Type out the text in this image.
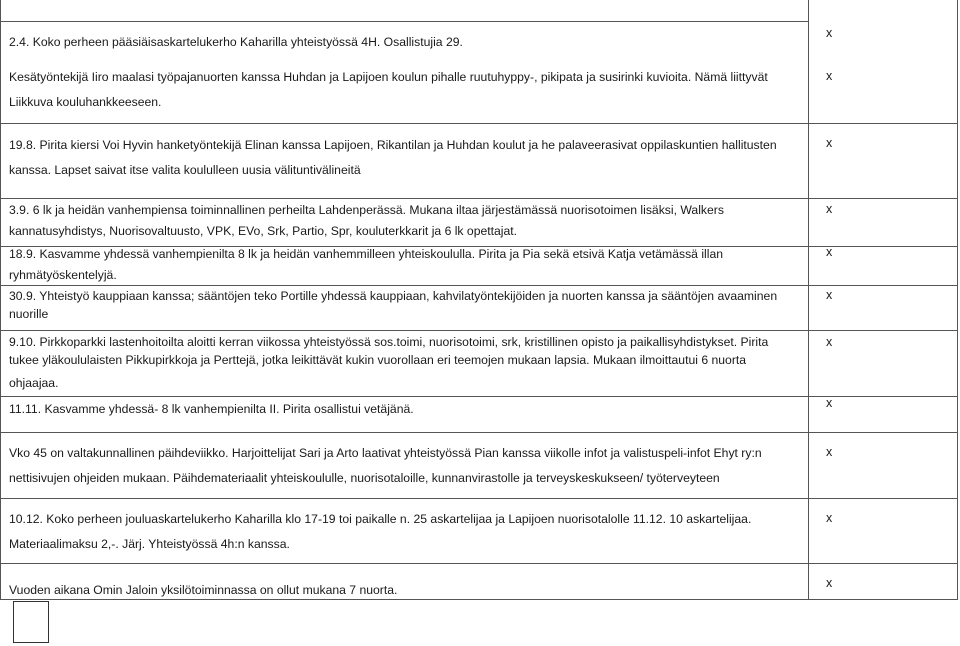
2.4. Koko perheen pääsiäisaskartelukerho Kaharilla yhteistyössä 4H. Osallistujia 29.

x

Kesätyöntekijä Iiro maalasi työpajanuorten kanssa Huhdan ja Lapijoen koulun pihalle ruutuhyppy-, pikipata ja susirinki kuvioita. Nämä liittyvät

Liikkuva kouluhankkeeseen.

x

19.8. Pirita kiersi Voi Hyvin hanketyöntekijä Elinan kanssa Lapijoen, Rikantilan ja Huhdan koulut ja he palaveerasivat oppilaskuntien hallitusten

kanssa. Lapset saivat itse valita koululleen uusia välituntivälineitä

x

3.9. 6 lk ja heidän vanhempiensa toiminnallinen perheilta Lahdenperässä. Mukana iltaa järjestämässä nuorisotoimen lisäksi, Walkers

kannatusyhdistys, Nuorisovaltuusto, VPK, EVo, Srk, Partio, Spr, kouluterkkarit ja 6 lk opettajat.

x

18.9. Kasvamme yhdessä vanhempienilta 8 lk ja heidän vanhemmilleen yhteiskoululla. Pirita ja Pia sekä etsivä Katja vetämässä illan

ryhmätyöskentelyjä.

x

30.9. Yhteistyö kauppiaan kanssa; sääntöjen teko Portille yhdessä kauppiaan, kahvilatyöntekijöiden ja nuorten kanssa ja sääntöjen avaaminen

nuorille

x

9.10. Pirkkoparkki lastenhoitoilta aloitti kerran viikossa yhteistyössä sos.toimi, nuorisotoimi, srk, kristillinen opisto ja paikallisyhdistykset. Pirita

tukee yläkoululaisten Pikkupirkkoja ja Perttejä, jotka leikittävät kukin vuorollaan eri teemojen mukaan lapsia. Mukaan ilmoittautui 6 nuorta

ohjaajaa.

x

11.11. Kasvamme yhdessä- 8 lk vanhempienilta II. Pirita osallistui vetäjänä.	x

Vko 45 on valtakunnallinen päihdeviikko. Harjoittelijat Sari ja Arto laativat yhteistyössä Pian kanssa viikolle infot ja valistuspeli-infot Ehyt ry:n

nettisivujen ohjeiden mukaan. Päihdemateriaalit yhteiskoululle, nuorisotaloille, kunnanvirastolle ja terveyskeskukseen/ työterveyteen

x

10.12. Koko perheen jouluaskartelukerho Kaharilla klo 17-19 toi paikalle n. 25 askartelijaa ja Lapijoen nuorisotalolle 11.12. 10 askartelijaa.

Materiaalimaksu 2,-. Järj. Yhteistyössä 4h:n kanssa.

x

Vuoden aikana Omin Jaloin yksilötoiminnassa on ollut mukana 7 nuorta.	x
